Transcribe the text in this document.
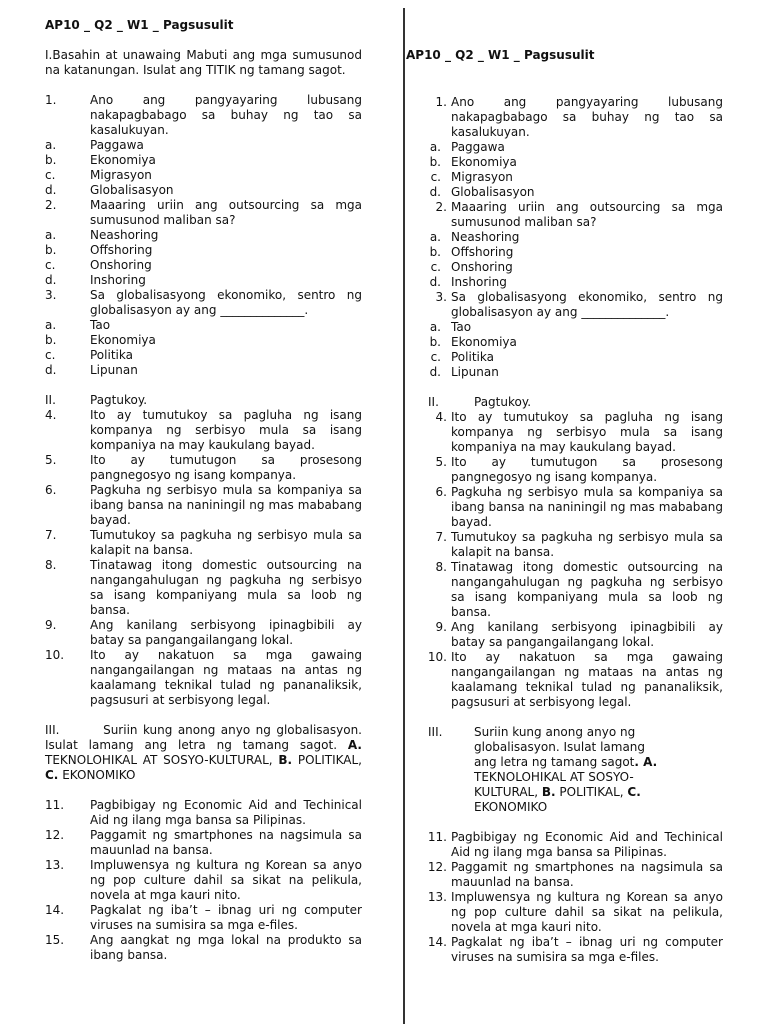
AP10 _ Q2 _ W1 _ Pagsusulit
I.Basahin at unawaing Mabuti ang mga sumusunod na katanungan. Isulat ang TITIK ng tamang sagot.
1.	Ano ang pangyayaring lubusang nakapagbabago sa buhay ng tao sa kasalukuyan.
a.	Paggawa
b.	Ekonomiya
c.	Migrasyon
d.	Globalisasyon
2.	Maaaring uriin ang outsourcing sa mga sumusunod maliban sa?
a.	Neashoring
b.	Offshoring
c.	Onshoring
d.	Inshoring
3.	Sa globalisasyong ekonomiko, sentro ng globalisasyon ay ang ______________.
a.	Tao
b.	Ekonomiya
c.	Politika
d.	Lipunan
II.	Pagtukoy.
4.	Ito ay tumutukoy sa pagluha ng isang kompanya ng serbisyo mula sa isang kompaniya na may kaukulang bayad.
5.	Ito ay tumutugon sa prosesong pangnegosyo ng isang kompanya.
6.	Pagkuha ng serbisyo mula sa kompaniya sa ibang bansa na naniningil ng mas mababang bayad.
7.	Tumutukoy sa pagkuha ng serbisyo mula sa kalapit na bansa.
8.	Tinatawag itong domestic outsourcing na nangangahulugan ng pagkuha ng serbisyo sa isang kompaniyang mula sa loob ng bansa.
9.	Ang kanilang serbisyong ipinagbibili ay batay sa pangangailangang lokal.
10.	Ito ay nakatuon sa mga gawaing nangangailangan ng mataas na antas ng kaalamang teknikal tulad ng pananaliksik, pagsusuri at serbisyong legal.
III.	Suriin kung anong anyo ng globalisasyon. Isulat lamang ang letra ng tamang sagot. A. TEKNOLOHIKAL AT SOSYO-KULTURAL, B. POLITIKAL, C. EKONOMIKO
11.	Pagbibigay ng Economic Aid and Techinical Aid ng ilang mga bansa sa Pilipinas.
12.	Paggamit ng smartphones na nagsimula sa mauunlad na bansa.
13.	Impluwensya ng kultura ng Korean sa anyo ng pop culture dahil sa sikat na pelikula, novela at mga kauri nito.
14.	Pagkalat ng iba’t – ibnag uri ng computer viruses na sumisira sa mga e-files.
15.	Ang aangkat ng mga lokal na produkto sa ibang bansa.
AP10 _ Q2 _ W1 _ Pagsusulit
1. Ano ang pangyayaring lubusang nakapagbabago sa buhay ng tao sa kasalukuyan.
a. Paggawa
b. Ekonomiya
c. Migrasyon
d. Globalisasyon
2. Maaaring uriin ang outsourcing sa mga sumusunod maliban sa?
a. Neashoring
b. Offshoring
c. Onshoring
d. Inshoring
3. Sa globalisasyong ekonomiko, sentro ng globalisasyon ay ang ______________.
a. Tao
b. Ekonomiya
c. Politika
d. Lipunan
II.	Pagtukoy.
4. Ito ay tumutukoy sa pagluha ng isang kompanya ng serbisyo mula sa isang kompaniya na may kaukulang bayad.
5. Ito ay tumutugon sa prosesong pangnegosyo ng isang kompanya.
6. Pagkuha ng serbisyo mula sa kompaniya sa ibang bansa na naniningil ng mas mababang bayad.
7. Tumutukoy sa pagkuha ng serbisyo mula sa kalapit na bansa.
8. Tinatawag itong domestic outsourcing na nangangahulugan ng pagkuha ng serbisyo sa isang kompaniyang mula sa loob ng bansa.
9. Ang kanilang serbisyong ipinagbibili ay batay sa pangangailangang lokal.
10. Ito ay nakatuon sa mga gawaing nangangailangan ng mataas na antas ng kaalamang teknikal tulad ng pananaliksik, pagsusuri at serbisyong legal.
III.	Suriin kung anong anyo ng globalisasyon. Isulat lamang ang letra ng tamang sagot. A. TEKNOLOHIKAL AT SOSYO-KULTURAL, B. POLITIKAL, C. EKONOMIKO
11. Pagbibigay ng Economic Aid and Techinical Aid ng ilang mga bansa sa Pilipinas.
12. Paggamit ng smartphones na nagsimula sa mauunlad na bansa.
13. Impluwensya ng kultura ng Korean sa anyo ng pop culture dahil sa sikat na pelikula, novela at mga kauri nito.
14. Pagkalat ng iba’t – ibnag uri ng computer viruses na sumisira sa mga e-files.
